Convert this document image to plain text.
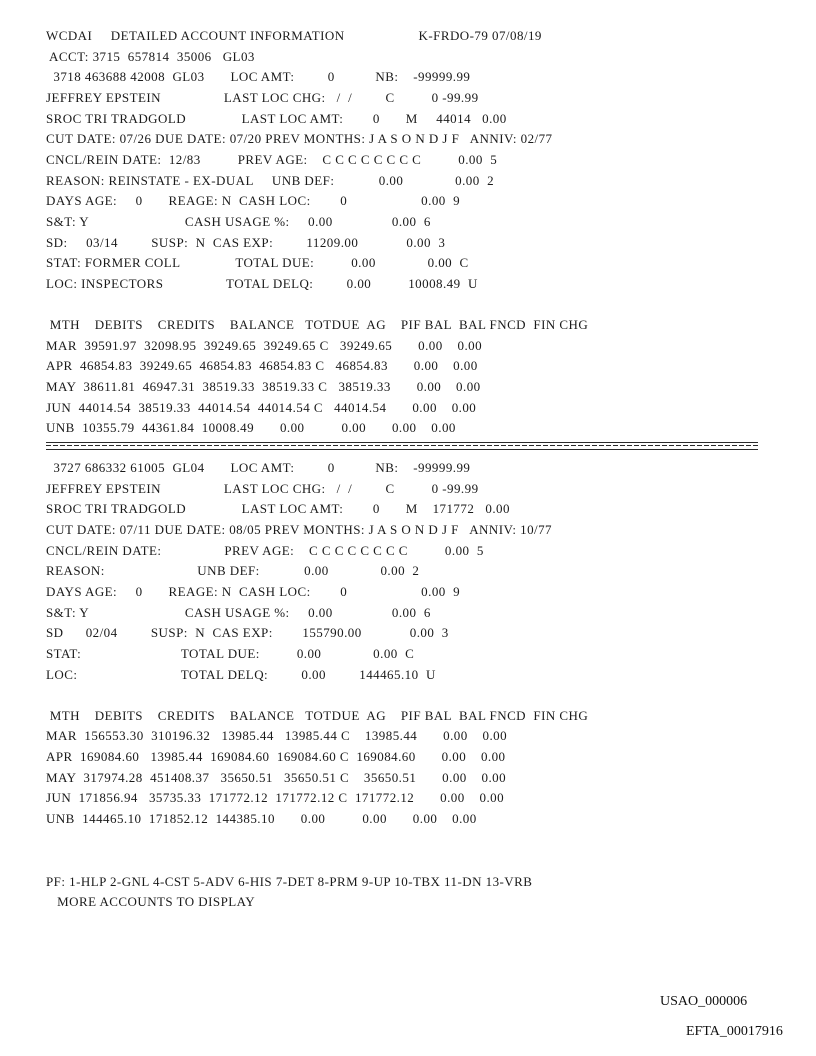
USAO_000006

EFTA_00017916

WCDAI     DETAILED ACCOUNT INFORMATION                    K-FRDO-79 07/08/19

ACCT: 3715  657814  35006   GL03

3718 463688 42008  GL03       LOC AMT:         0           NB:    -99999.99

JEFFREY EPSTEIN                 LAST LOC CHG:   /  /         C          0 -99.99

SROC TRI TRADGOLD               LAST LOC AMT:        0       M     44014   0.00

CUT DATE: 07/26 DUE DATE: 07/20 PREV MONTHS: J A S O N D J F   ANNIV: 02/77

CNCL/REIN DATE:  12/83          PREV AGE:    C C C C C C C C          0.00  5

REASON: REINSTATE - EX-DUAL     UNB DEF:            0.00              0.00  2

DAYS AGE:     0       REAGE: N  CASH LOC:        0                    0.00  9

S&T: Y                          CASH USAGE %:     0.00                0.00  6

SD:     03/14         SUSP:  N  CAS EXP:         11209.00             0.00  3

STAT: FORMER COLL               TOTAL DUE:          0.00              0.00  C

LOC: INSPECTORS                 TOTAL DELQ:         0.00          10008.49  U

MTH    DEBITS    CREDITS    BALANCE   TOTDUE  AG    PIF BAL  BAL FNCD  FIN CHG

MAR  39591.97  32098.95  39249.65  39249.65 C   39249.65       0.00    0.00

APR  46854.83  39249.65  46854.83  46854.83 C   46854.83       0.00    0.00

MAY  38611.81  46947.31  38519.33  38519.33 C   38519.33       0.00    0.00

JUN  44014.54  38519.33  44014.54  44014.54 C   44014.54       0.00    0.00

UNB  10355.79  44361.84  10008.49       0.00          0.00       0.00    0.00

3727 686332 61005  GL04       LOC AMT:         0           NB:    -99999.99

JEFFREY EPSTEIN                 LAST LOC CHG:   /  /         C          0 -99.99

SROC TRI TRADGOLD               LAST LOC AMT:        0       M    171772   0.00

CUT DATE: 07/11 DUE DATE: 08/05 PREV MONTHS: J A S O N D J F   ANNIV: 10/77

CNCL/REIN DATE:                 PREV AGE:    C C C C C C C C          0.00  5

REASON:                         UNB DEF:            0.00              0.00  2

DAYS AGE:     0       REAGE: N  CASH LOC:        0                    0.00  9

S&T: Y                          CASH USAGE %:     0.00                0.00  6

SD      02/04         SUSP:  N  CAS EXP:        155790.00             0.00  3

STAT:                           TOTAL DUE:          0.00              0.00  C

LOC:                            TOTAL DELQ:         0.00         144465.10  U

MTH    DEBITS    CREDITS    BALANCE   TOTDUE  AG    PIF BAL  BAL FNCD  FIN CHG

MAR  156553.30  310196.32   13985.44   13985.44 C    13985.44       0.00    0.00

APR  169084.60   13985.44  169084.60  169084.60 C  169084.60       0.00    0.00

MAY  317974.28  451408.37   35650.51   35650.51 C    35650.51       0.00    0.00

JUN  171856.94   35735.33  171772.12  171772.12 C  171772.12       0.00    0.00

UNB  144465.10  171852.12  144385.10       0.00          0.00       0.00    0.00

PF: 1-HLP 2-GNL 4-CST 5-ADV 6-HIS 7-DET 8-PRM 9-UP 10-TBX 11-DN 13-VRB

MORE ACCOUNTS TO DISPLAY
